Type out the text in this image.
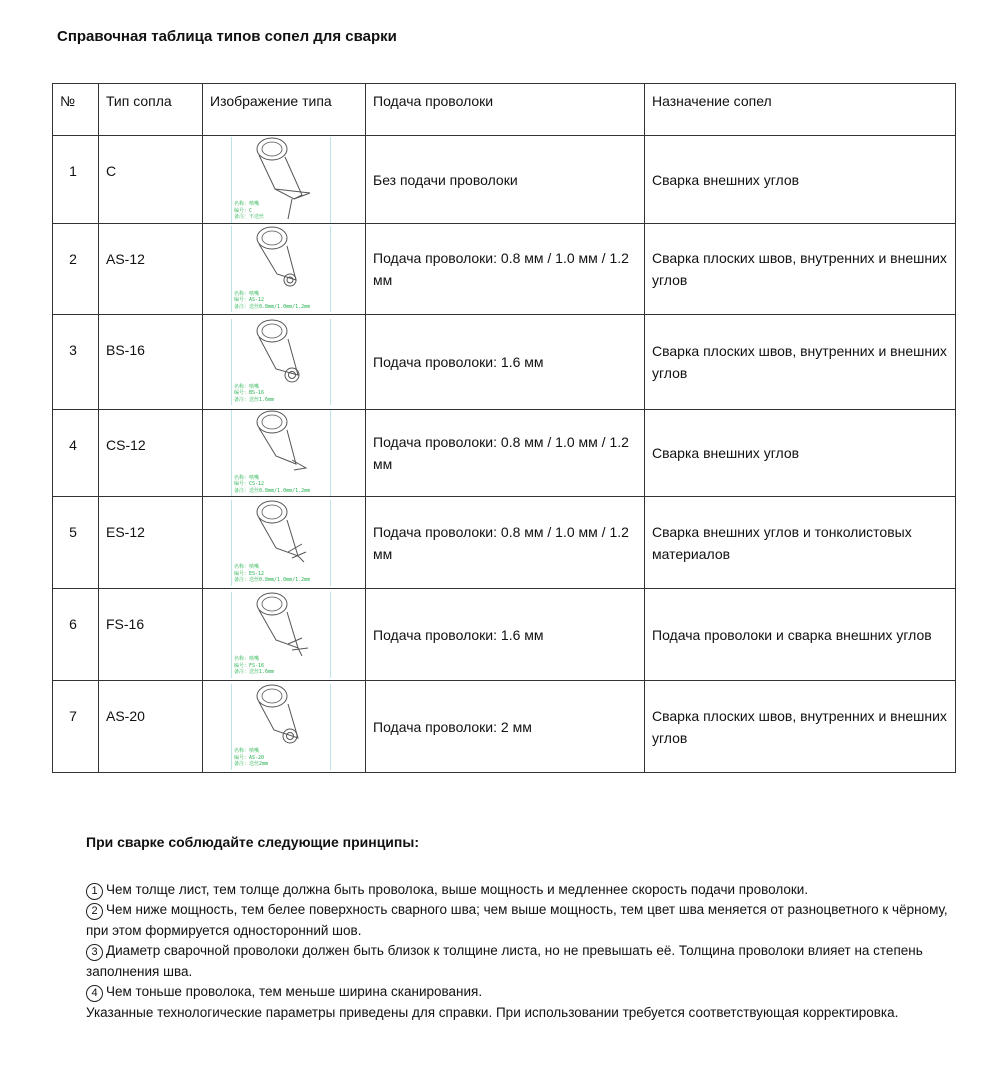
Справочная таблица типов сопел для сварки
№	Тип сопла	Изображение типа	Подача проволоки	Назначение сопел
1	C	名称：喷嘴
编号：C
备注：不送丝	Без подачи проволоки	Сварка внешних углов
2	AS-12	名称：喷嘴
编号：AS-12
备注：送丝0.8mm/1.0mm/1.2mm	Подача проволоки: 0.8 мм / 1.0 мм / 1.2 мм	Сварка плоских швов, внутренних и внешних углов
3	BS-16	名称：喷嘴
编号：BS-16
备注：送丝1.6mm	Подача проволоки: 1.6 мм	Сварка плоских швов, внутренних и внешних углов
4	CS-12	名称：喷嘴
编号：CS-12
备注：送丝0.8mm/1.0mm/1.2mm	Подача проволоки: 0.8 мм / 1.0 мм / 1.2 мм	Сварка внешних углов
5	ES-12	名称：喷嘴
编号：ES-12
备注：送丝0.8mm/1.0mm/1.2mm	Подача проволоки: 0.8 мм / 1.0 мм / 1.2 мм	Сварка внешних углов и тонколистовых материалов
6	FS-16	名称：喷嘴
编号：FS-16
备注：送丝1.6mm	Подача проволоки: 1.6 мм	Подача проволоки и сварка внешних углов
7	AS-20	名称：喷嘴
编号：AS-20
备注：送丝2mm	Подача проволоки: 2 мм	Сварка плоских швов, внутренних и внешних углов
При сварке соблюдайте следующие принципы:

1 Чем толще лист, тем толще должна быть проволока, выше мощность и медленнее скорость подачи проволоки.

2 Чем ниже мощность, тем белее поверхность сварного шва; чем выше мощность, тем цвет шва меняется от разноцветного к чёрному, при этом формируется односторонний шов.

3 Диаметр сварочной проволоки должен быть близок к толщине листа, но не превышать её. Толщина проволоки влияет на степень заполнения шва.

4 Чем тоньше проволока, тем меньше ширина сканирования.

Указанные технологические параметры приведены для справки. При использовании требуется соответствующая корректировка.
